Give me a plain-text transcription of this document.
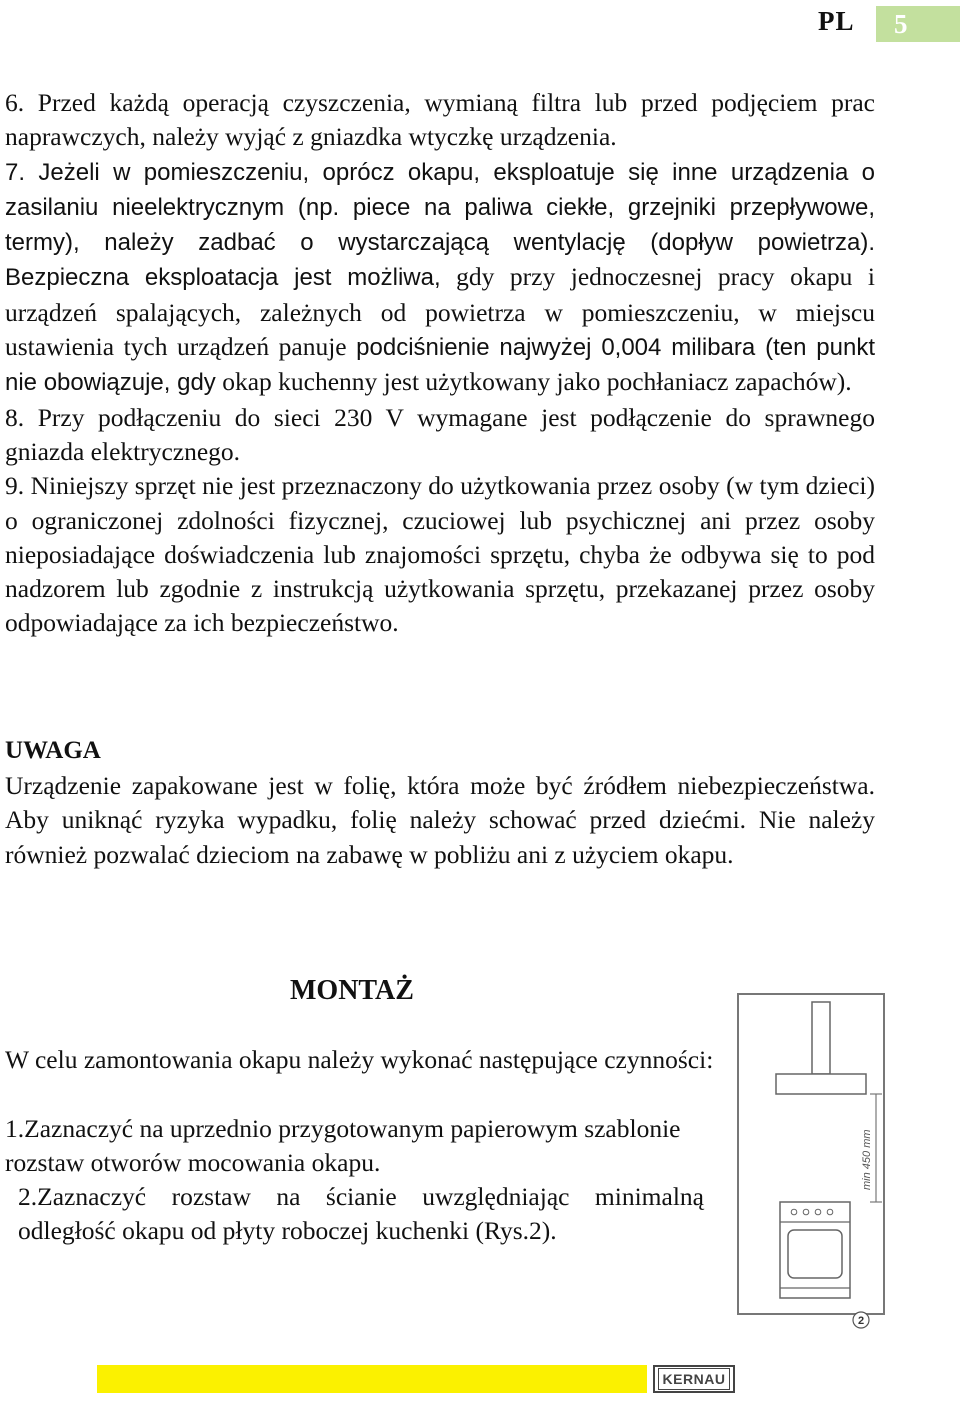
PL 5

6. Przed każdą operacją czyszczenia, wymianą filtra lub przed podjęciem prac naprawczych, należy wyjąć z gniazdka wtyczkę urządzenia.

7. Jeżeli w pomieszczeniu, oprócz okapu, eksploatuje się inne urządzenia o zasilaniu nieelektrycznym (np. piece na paliwa ciekłe, grzejniki przepływowe, termy), należy zadbać o wystarczającą wentylację (dopływ powietrza). Bezpieczna eksploatacja jest możliwa, gdy przy jednoczesnej pracy okapu i urządzeń spalających, zależnych od powietrza w pomieszczeniu, w miejscu ustawienia tych urządzeń panuje podciśnienie najwyżej 0,004 milibara (ten punkt nie obowiązuje, gdy okap kuchenny jest użytkowany jako pochłaniacz zapachów).

8. Przy podłączeniu do sieci 230 V wymagane jest podłączenie do sprawnego gniazda elektrycznego.

9. Niniejszy sprzęt nie jest przeznaczony do użytkowania przez osoby (w tym dzieci) o ograniczonej zdolności fizycznej, czuciowej lub psychicznej ani przez osoby nieposiadające doświadczenia lub znajomości sprzętu, chyba że odbywa się to pod nadzorem lub zgodnie z instrukcją użytkowania sprzętu, przekazanej przez osoby odpowiadające za ich bezpieczeństwo.

UWAGA

Urządzenie zapakowane jest w folię, która może być źródłem niebezpieczeństwa. Aby uniknąć ryzyka wypadku, folię należy schować przed dziećmi. Nie należy również pozwalać dzieciom na zabawę w pobliżu ani z użyciem okapu.

MONTAŻ

W celu zamontowania okapu należy wykonać następujące czynności:

1.Zaznaczyć na uprzednio przygotowanym papierowym szablonie rozstaw otworów mocowania okapu.

2.Zaznaczyć rozstaw na ścianie uwzględniając minimalną odległość okapu od płyty roboczej kuchenki (Rys.2).

min 450 mm
2
KERNAU
